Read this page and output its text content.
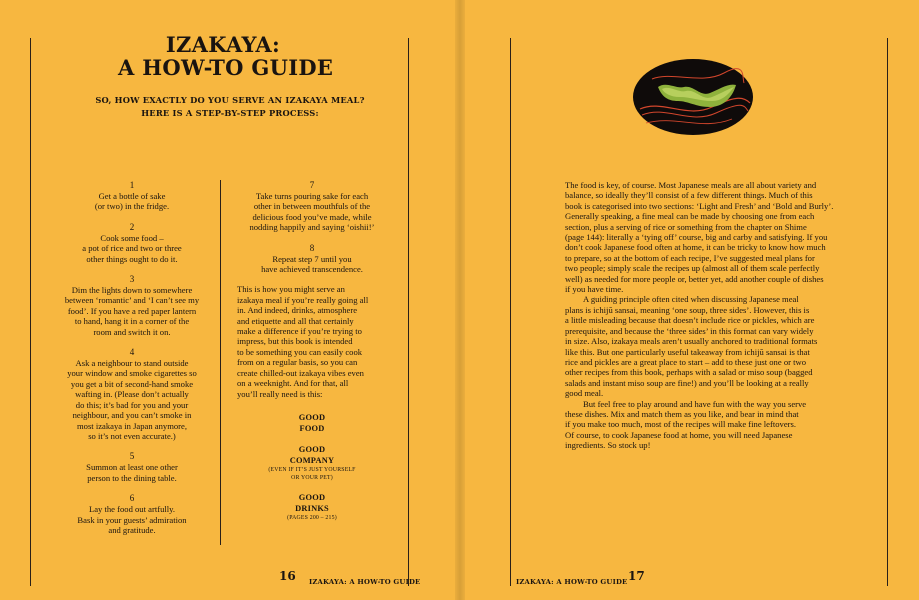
IZAKAYA:
A HOW-TO GUIDE
SO, HOW EXACTLY DO YOU SERVE AN IZAKAYA MEAL?
HERE IS A STEP-BY-STEP PROCESS:
1
Get a bottle of sake
(or two) in the fridge.
2
Cook some food –
a pot of rice and two or three
other things ought to do it.
3
Dim the lights down to somewhere
between ‘romantic’ and ‘I can’t see my
food’. If you have a red paper lantern
to hand, hang it in a corner of the
room and switch it on.
4
Ask a neighbour to stand outside
your window and smoke cigarettes so
you get a bit of second-hand smoke
wafting in. (Please don’t actually
do this; it’s bad for you and your
neighbour, and you can’t smoke in
most izakaya in Japan anymore,
so it’s not even accurate.)
5
Summon at least one other
person to the dining table.
6
Lay the food out artfully.
Bask in your guests’ admiration
and gratitude.
7
Take turns pouring sake for each
other in between mouthfuls of the
delicious food you’ve made, while
nodding happily and saying ‘oishii!’
8
Repeat step 7 until you
have achieved transcendence.
This is how you might serve an
izakaya meal if you’re really going all
in. And indeed, drinks, atmosphere
and etiquette and all that certainly
make a difference if you’re trying to
impress, but this book is intended
to be something you can easily cook
from on a regular basis, so you can
create chilled-out izakaya vibes even
on a weeknight. And for that, all
you’ll really need is this:
GOOD
FOOD
GOOD
COMPANY
(EVEN IF IT’S JUST YOURSELF
OR YOUR PET)
GOOD
DRINKS
(PAGES 200 – 215)
16 IZAKAYA: A HOW-TO GUIDE
The food is key, of course. Most Japanese meals are all about variety and
balance, so ideally they’ll consist of a few different things. Much of this
book is categorised into two sections: ‘Light and Fresh’ and ‘Bold and Burly’.
Generally speaking, a fine meal can be made by choosing one from each
section, plus a serving of rice or something from the chapter on Shime
(page 144): literally a ‘tying off’ course, big and carby and satisfying. If you
don’t cook Japanese food often at home, it can be tricky to know how much
to prepare, so at the bottom of each recipe, I’ve suggested meal plans for
two people; simply scale the recipes up (almost all of them scale perfectly
well) as needed for more people or, better yet, add another couple of dishes
if you have time.
A guiding principle often cited when discussing Japanese meal
plans is ichijū sansai, meaning ‘one soup, three sides’. However, this is
a little misleading because that doesn’t include rice or pickles, which are
prerequisite, and because the ‘three sides’ in this format can vary widely
in size. Also, izakaya meals aren’t usually anchored to traditional formats
like this. But one particularly useful takeaway from ichijū sansai is that
rice and pickles are a great place to start – add to these just one or two
other recipes from this book, perhaps with a salad or miso soup (bagged
salads and instant miso soup are fine!) and you’ll be looking at a really
good meal.
But feel free to play around and have fun with the way you serve
these dishes. Mix and match them as you like, and bear in mind that
if you make too much, most of the recipes will make fine leftovers.
Of course, to cook Japanese food at home, you will need Japanese
ingredients. So stock up!
IZAKAYA: A HOW-TO GUIDE 17
